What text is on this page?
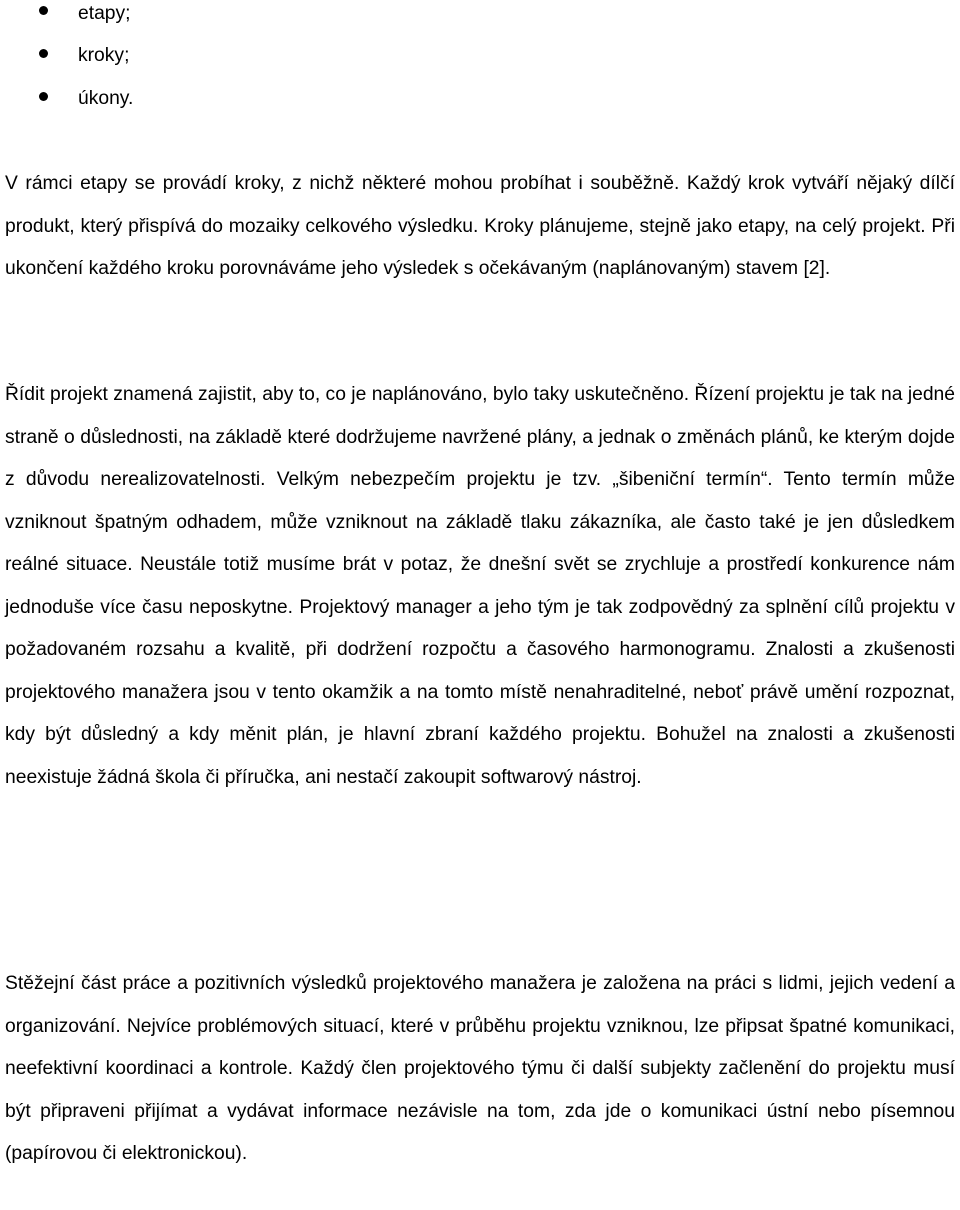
etapy;
kroky;
úkony.

V rámci etapy se provádí kroky, z nichž některé mohou probíhat i souběžně. Každý krok vytváří nějaký dílčí produkt, který přispívá do mozaiky celkového výsledku. Kroky plánujeme, stejně jako etapy, na celý projekt. Při ukončení každého kroku porovnáváme jeho výsledek s očekávaným (naplánovaným) stavem [2].

Řídit projekt znamená zajistit, aby to, co je naplánováno, bylo taky uskutečněno. Řízení projektu je tak na jedné straně o důslednosti, na základě které dodržujeme navržené plány, a jednak o změnách plánů, ke kterým dojde z důvodu nerealizovatelnosti. Velkým nebezpečím projektu je tzv. „šibeniční termín“. Tento termín může vzniknout špatným odhadem, může vzniknout na základě tlaku zákazníka, ale často také je jen důsledkem reálné situace. Neustále totiž musíme brát v potaz, že dnešní svět se zrychluje a prostředí konkurence nám jednoduše více času neposkytne. Projektový manager a jeho tým je tak zodpovědný za splnění cílů projektu v požadovaném rozsahu a kvalitě, při dodržení rozpočtu a časového harmonogramu. Znalosti a zkušenosti projektového manažera jsou v tento okamžik a na tomto místě nenahraditelné, neboť právě umění rozpoznat, kdy být důsledný a kdy měnit plán, je hlavní zbraní každého projektu. Bohužel na znalosti a zkušenosti neexistuje žádná škola či příručka, ani nestačí zakoupit softwarový nástroj.

Stěžejní část práce a pozitivních výsledků projektového manažera je založena na práci s lidmi, jejich vedení a organizování. Nejvíce problémových situací, které v průběhu projektu vzniknou, lze připsat špatné komunikaci, neefektivní koordinaci a kontrole. Každý člen projektového týmu či další subjekty začlenění do projektu musí být připraveni přijímat a vydávat informace nezávisle na tom, zda jde o komunikaci ústní nebo písemnou (papírovou či elektronickou).
